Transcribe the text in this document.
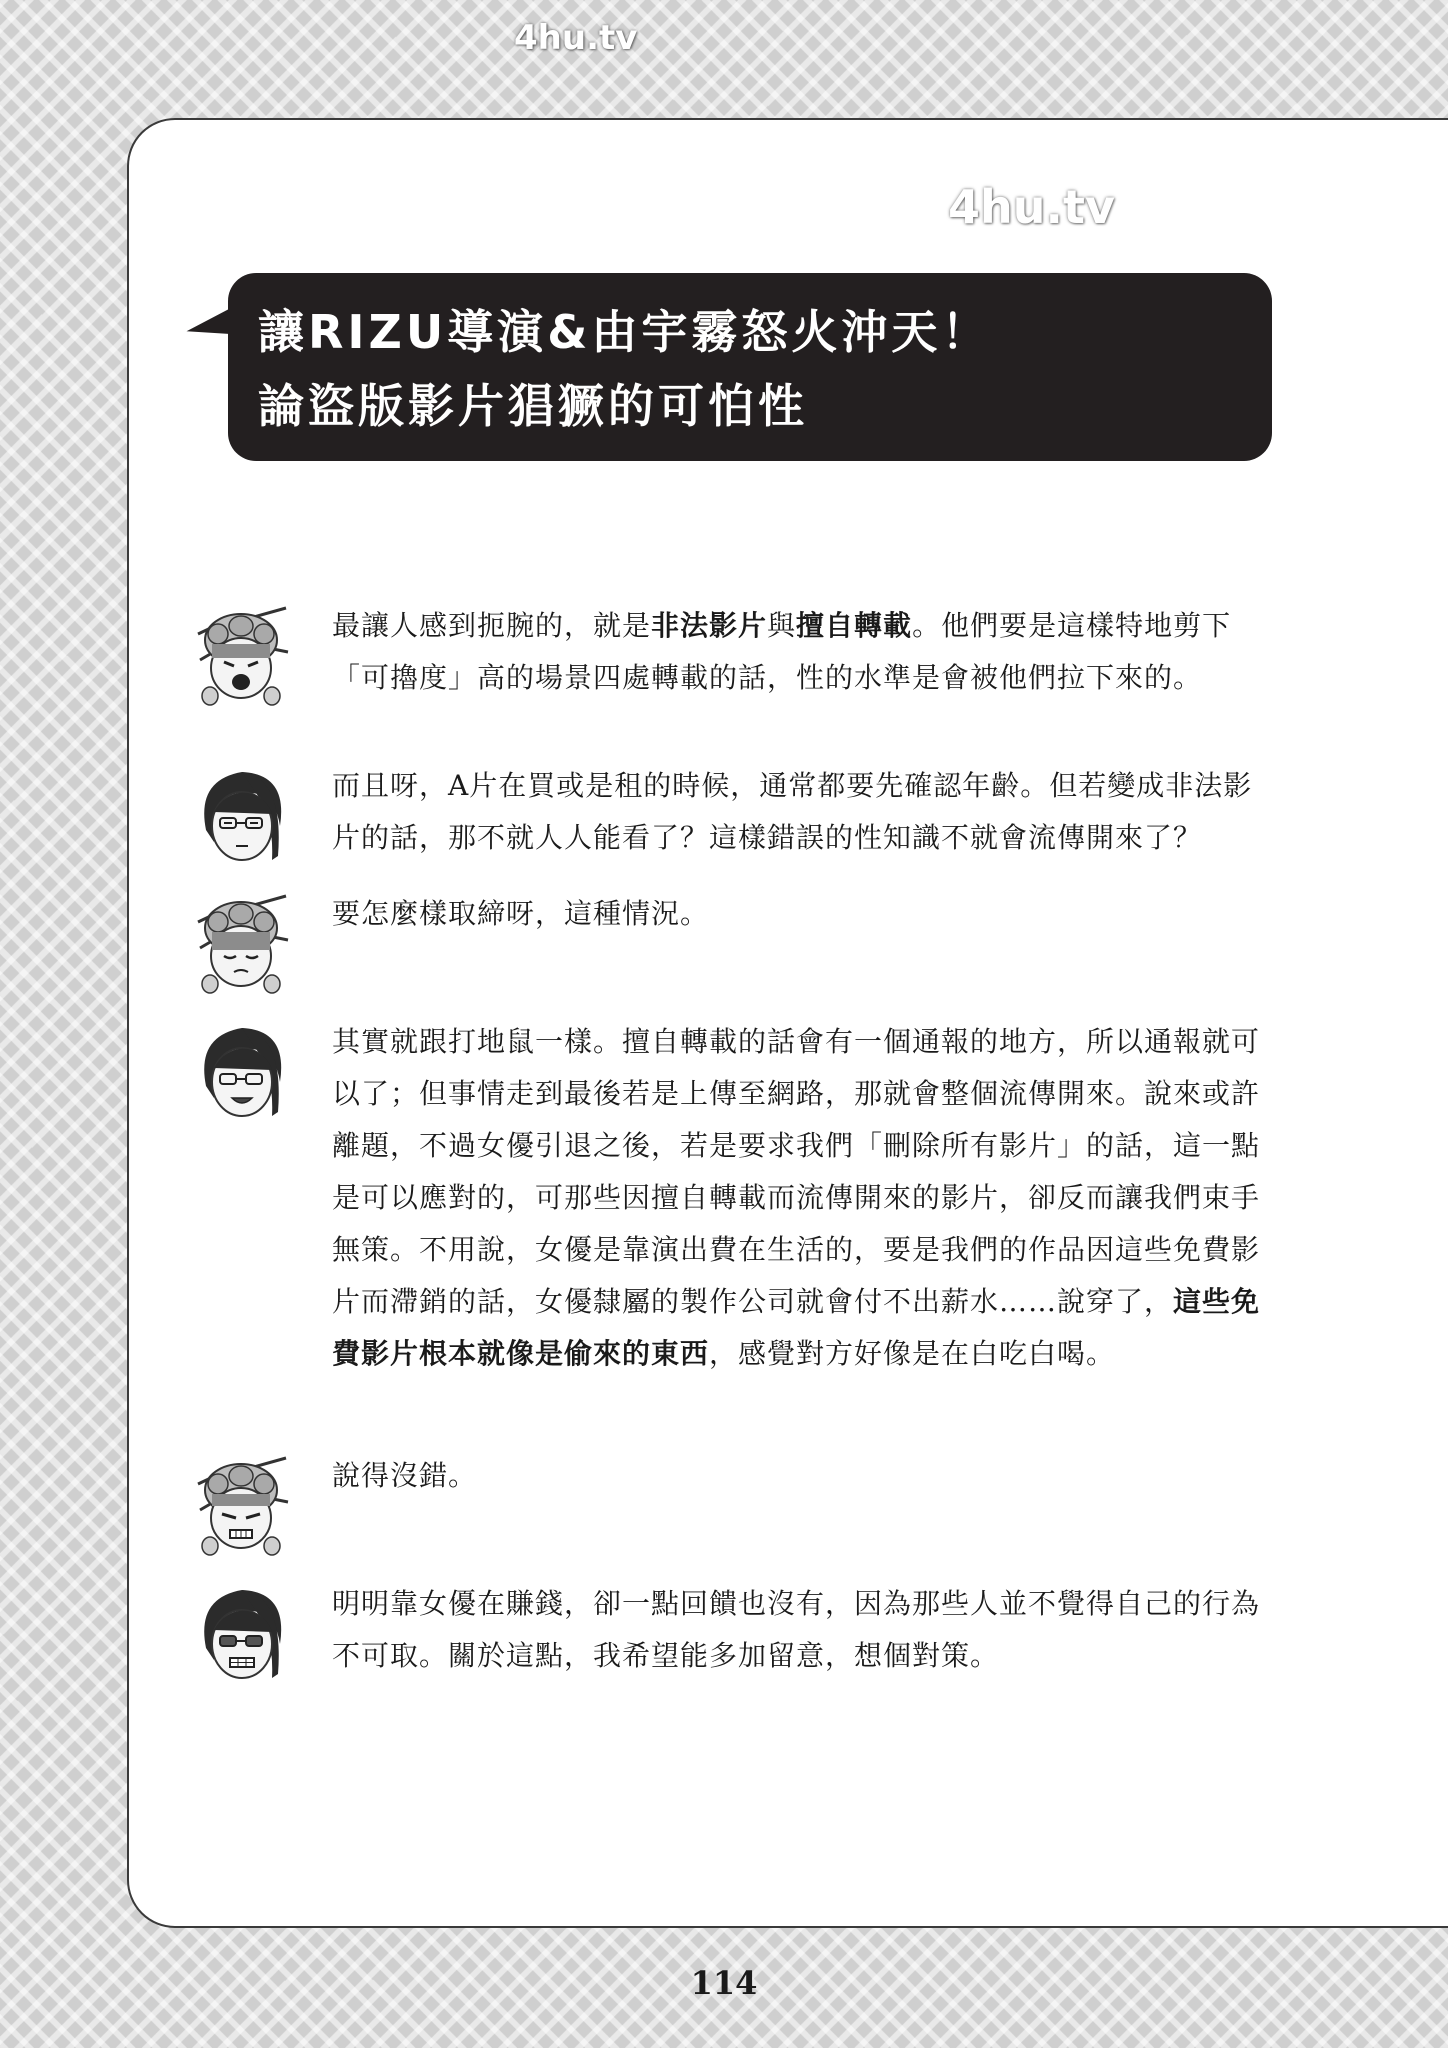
4hu.tv
4hu.tv
讓RIZU導演&由宇霧怒火沖天！
論盜版影片猖獗的可怕性
最讓人感到扼腕的，就是非法影片與擅自轉載。他們要是這樣特地剪下「可擼度」高的場景四處轉載的話，性的水準是會被他們拉下來的。
而且呀，A片在買或是租的時候，通常都要先確認年齡。但若變成非法影片的話，那不就人人能看了？這樣錯誤的性知識不就會流傳開來了？
要怎麼樣取締呀，這種情況。
其實就跟打地鼠一樣。擅自轉載的話會有一個通報的地方，所以通報就可以了；但事情走到最後若是上傳至網路，那就會整個流傳開來。說來或許離題，不過女優引退之後，若是要求我們「刪除所有影片」的話，這一點是可以應對的，可那些因擅自轉載而流傳開來的影片，卻反而讓我們束手無策。不用說，女優是靠演出費在生活的，要是我們的作品因這些免費影片而滯銷的話，女優隸屬的製作公司就會付不出薪水……說穿了，這些免費影片根本就像是偷來的東西，感覺對方好像是在白吃白喝。
說得沒錯。
明明靠女優在賺錢，卻一點回饋也沒有，因為那些人並不覺得自己的行為不可取。關於這點，我希望能多加留意，想個對策。
114
